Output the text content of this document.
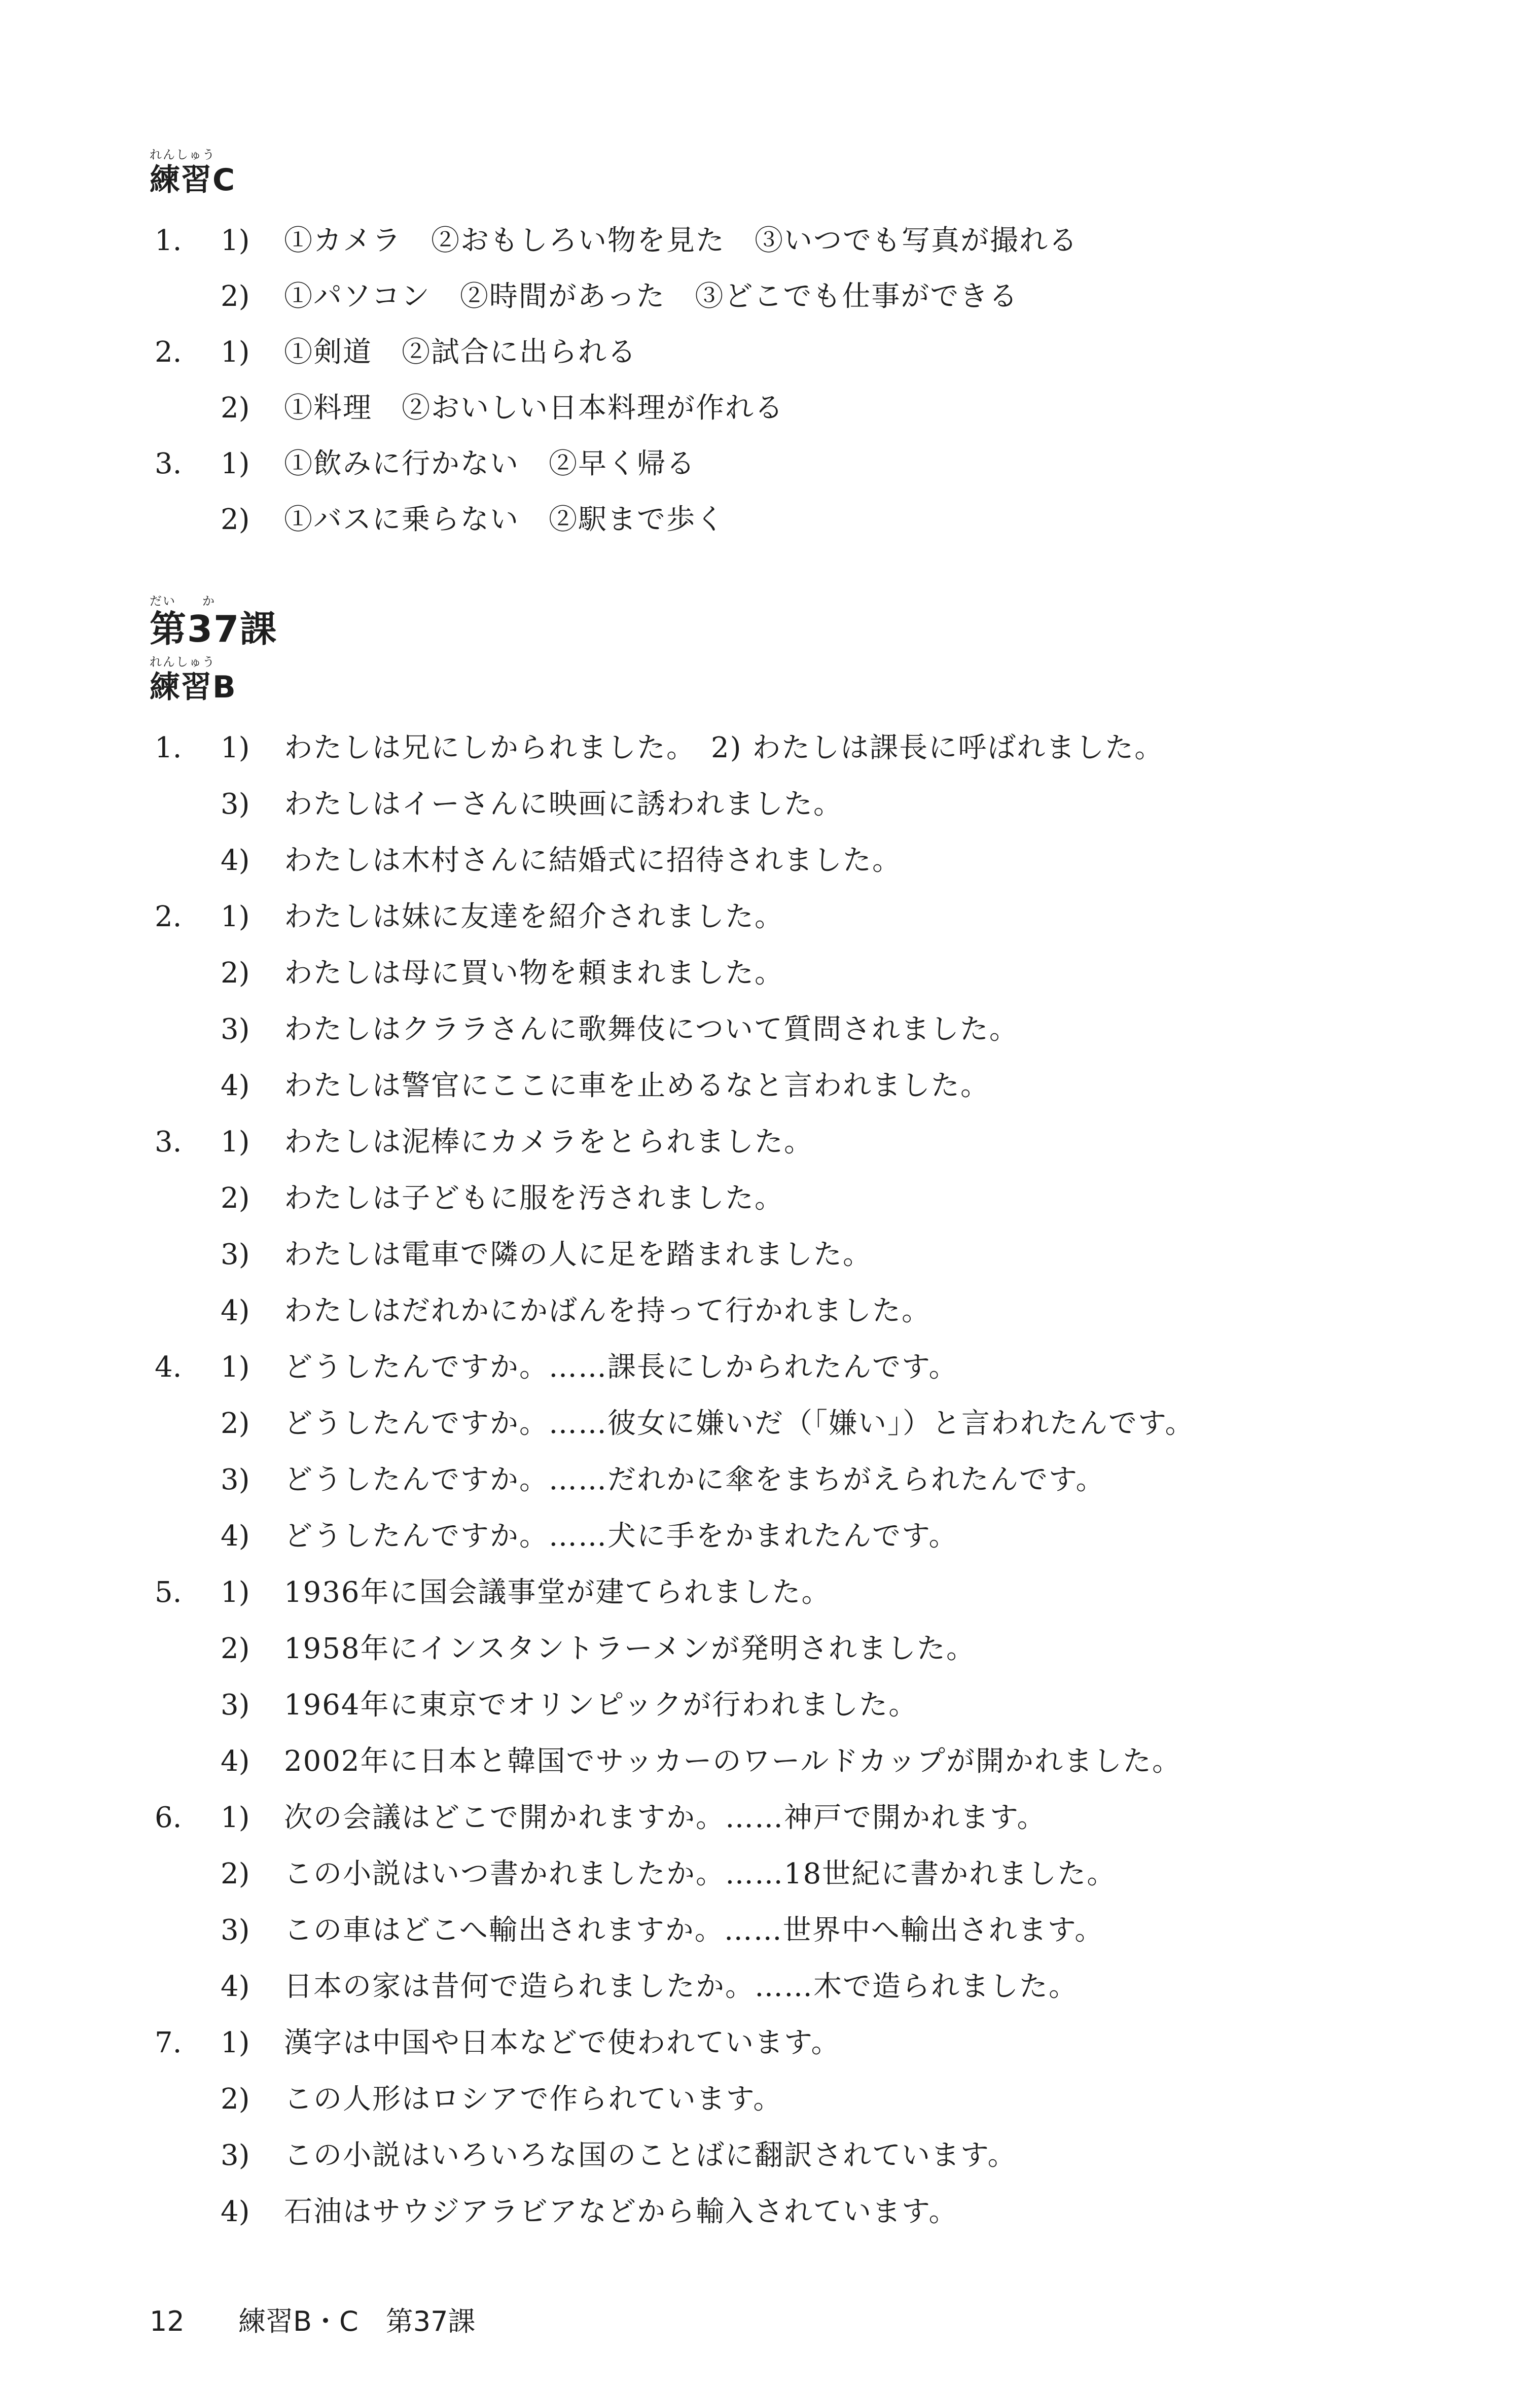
れんしゅう
練習C
1. 1) ①カメラ　②おもしろい物を見た　③いつでも写真が撮れる
2) ①パソコン　②時間があった　③どこでも仕事ができる
2. 1) ①剣道　②試合に出られる
2) ①料理　②おいしい日本料理が作れる
3. 1) ①飲みに行かない　②早く帰る
2) ①バスに乗らない　②駅まで歩く
だい　　か
第37課
れんしゅう
練習B
1. 1) わたしは兄にしかられました。　2) わたしは課長に呼ばれました。
3) わたしはイーさんに映画に誘われました。
4) わたしは木村さんに結婚式に招待されました。
2. 1) わたしは妹に友達を紹介されました。
2) わたしは母に買い物を頼まれました。
3) わたしはクララさんに歌舞伎について質問されました。
4) わたしは警官にここに車を止めるなと言われました。
3. 1) わたしは泥棒にカメラをとられました。
2) わたしは子どもに服を汚されました。
3) わたしは電車で隣の人に足を踏まれました。
4) わたしはだれかにかばんを持って行かれました。
4. 1) どうしたんですか。……課長にしかられたんです。
2) どうしたんですか。……彼女に嫌いだ（「嫌い」）と言われたんです。
3) どうしたんですか。……だれかに傘をまちがえられたんです。
4) どうしたんですか。……犬に手をかまれたんです。
5. 1) 1936年に国会議事堂が建てられました。
2) 1958年にインスタントラーメンが発明されました。
3) 1964年に東京でオリンピックが行われました。
4) 2002年に日本と韓国でサッカーのワールドカップが開かれました。
6. 1) 次の会議はどこで開かれますか。……神戸で開かれます。
2) この小説はいつ書かれましたか。……18世紀に書かれました。
3) この車はどこへ輸出されますか。……世界中へ輸出されます。
4) 日本の家は昔何で造られましたか。……木で造られました。
7. 1) 漢字は中国や日本などで使われています。
2) この人形はロシアで作られています。
3) この小説はいろいろな国のことばに翻訳されています。
4) 石油はサウジアラビアなどから輸入されています。
12 練習B・C　第37課
